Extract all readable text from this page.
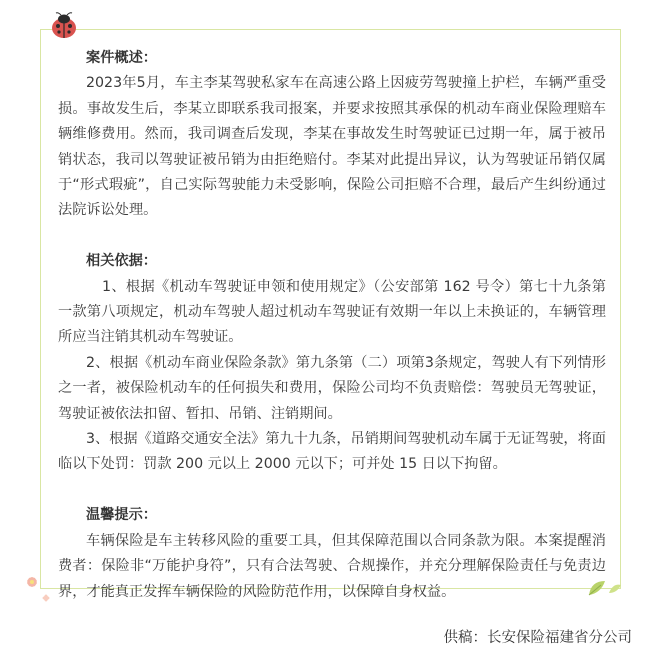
案件概述：

2023年5月，车主李某驾驶私家车在高速公路上因疲劳驾驶撞上护栏，车辆严重受损。事故发生后，李某立即联系我司报案，并要求按照其承保的机动车商业保险理赔车辆维修费用。然而，我司调查后发现，李某在事故发生时驾驶证已过期一年，属于被吊销状态，我司以驾驶证被吊销为由拒绝赔付。李某对此提出异议，认为驾驶证吊销仅属于“形式瑕疵”，自己实际驾驶能力未受影响，保险公司拒赔不合理，最后产生纠纷通过法院诉讼处理。

相关依据：

1、根据《机动车驾驶证申领和使用规定》（公安部第 162 号令）第七十九条第一款第八项规定，机动车驾驶人超过机动车驾驶证有效期一年以上未换证的，车辆管理所应当注销其机动车驾驶证。

2、根据《机动车商业保险条款》第九条第（二）项第3条规定，驾驶人有下列情形之一者，被保险机动车的任何损失和费用，保险公司均不负责赔偿：驾驶员无驾驶证，驾驶证被依法扣留、暂扣、吊销、注销期间。

3、根据《道路交通安全法》第九十九条，吊销期间驾驶机动车属于无证驾驶，将面临以下处罚：罚款 200 元以上 2000 元以下；可并处 15 日以下拘留。

温馨提示：

车辆保险是车主转移风险的重要工具，但其保障范围以合同条款为限。本案提醒消费者：保险非“万能护身符”，只有合法驾驶、合规操作，并充分理解保险责任与免责边界，才能真正发挥车辆保险的风险防范作用，以保障自身权益。

供稿：长安保险福建省分公司
